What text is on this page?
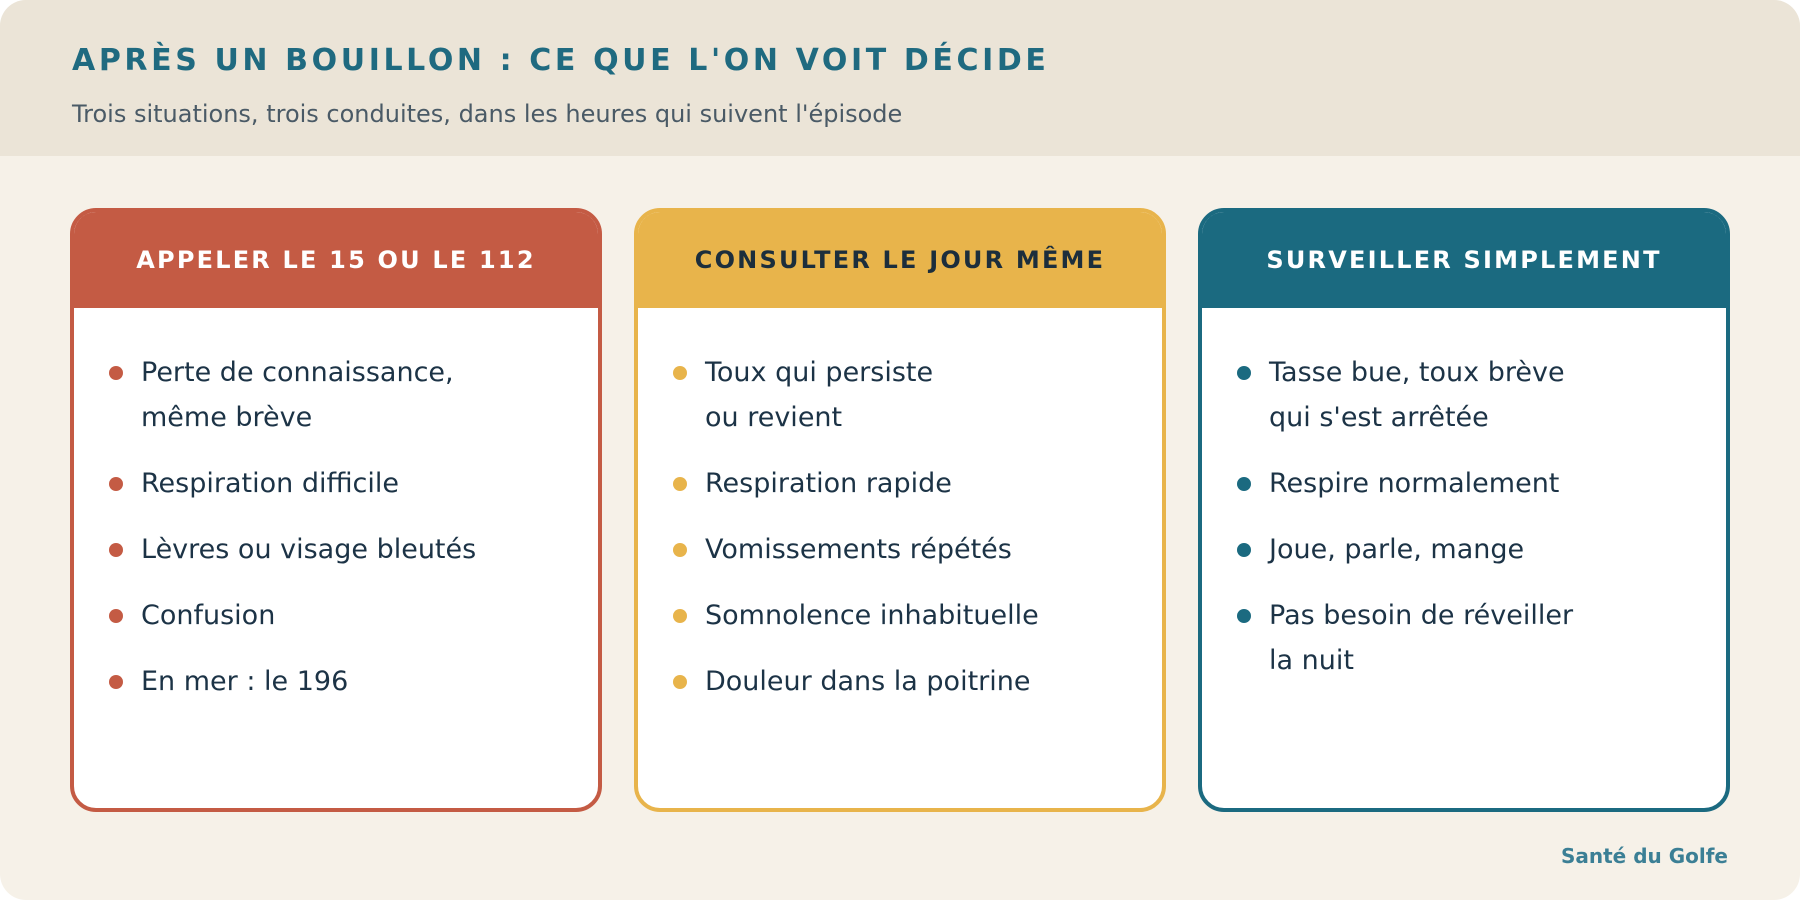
APRÈS UN BOUILLON : CE QUE L'ON VOIT DÉCIDE

Trois situations, trois conduites, dans les heures qui suivent l'épisode

APPELER LE 15 OU LE 112
Perte de connaissance,
même brève
Respiration difficile
Lèvres ou visage bleutés
Confusion
En mer : le 196
CONSULTER LE JOUR MÊME
Toux qui persiste
ou revient
Respiration rapide
Vomissements répétés
Somnolence inhabituelle
Douleur dans la poitrine
SURVEILLER SIMPLEMENT
Tasse bue, toux brève
qui s'est arrêtée
Respire normalement
Joue, parle, mange
Pas besoin de réveiller
la nuit
Santé du Golfe
